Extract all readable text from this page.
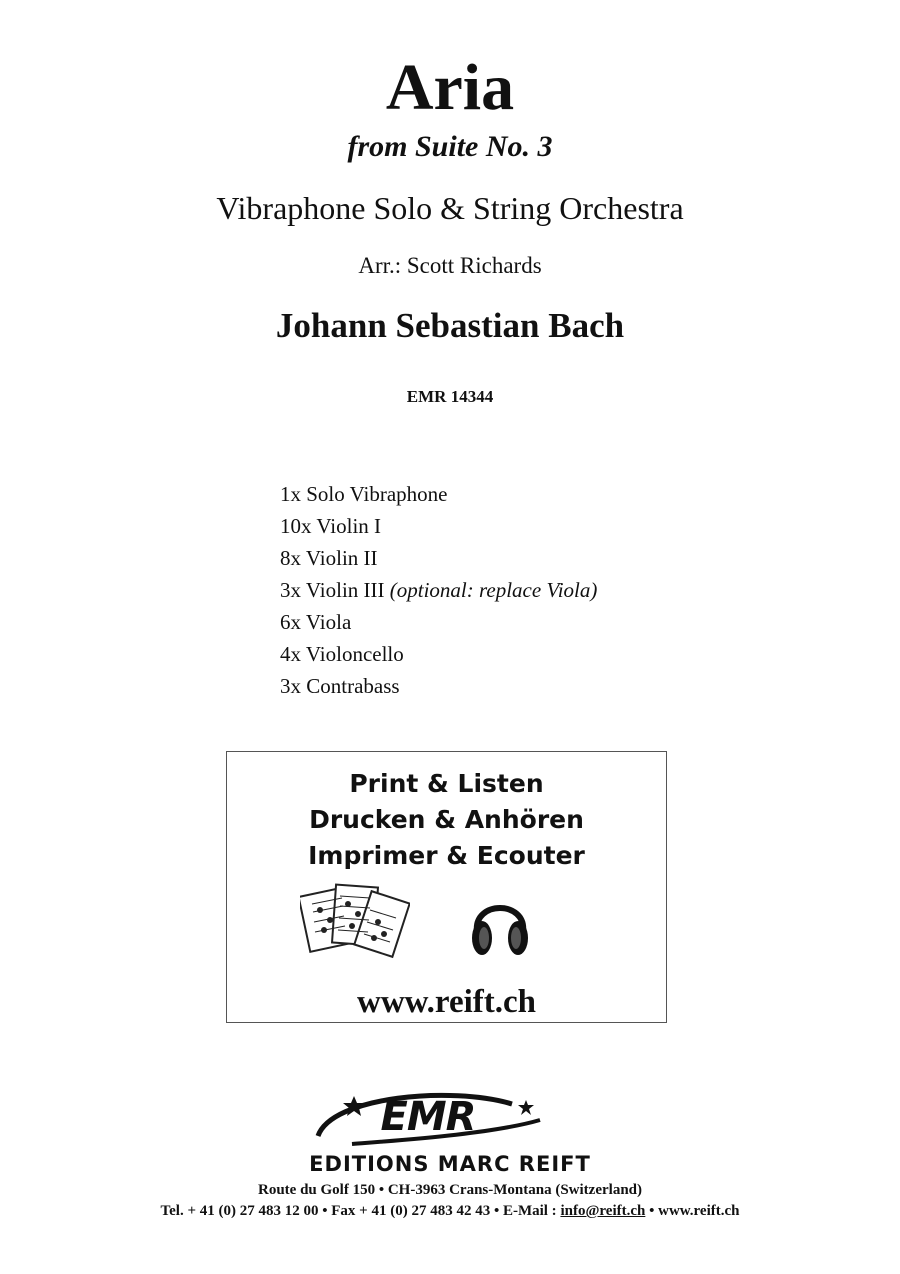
Aria
from Suite No. 3
Vibraphone Solo & String Orchestra
Arr.: Scott Richards
Johann Sebastian Bach
EMR 14344
1x Solo Vibraphone
10x Violin I
8x Violin II
3x Violin III (optional: replace Viola)
6x Viola
4x Violoncello
3x Contrabass
Print & Listen
Drucken & Anhören
Imprimer & Ecouter
www.reift.ch
EMR
EDITIONS MARC REIFT
Route du Golf 150 • CH-3963 Crans-Montana (Switzerland)
Tel. + 41 (0) 27 483 12 00 • Fax + 41 (0) 27 483 42 43 • E-Mail : info@reift.ch • www.reift.ch
